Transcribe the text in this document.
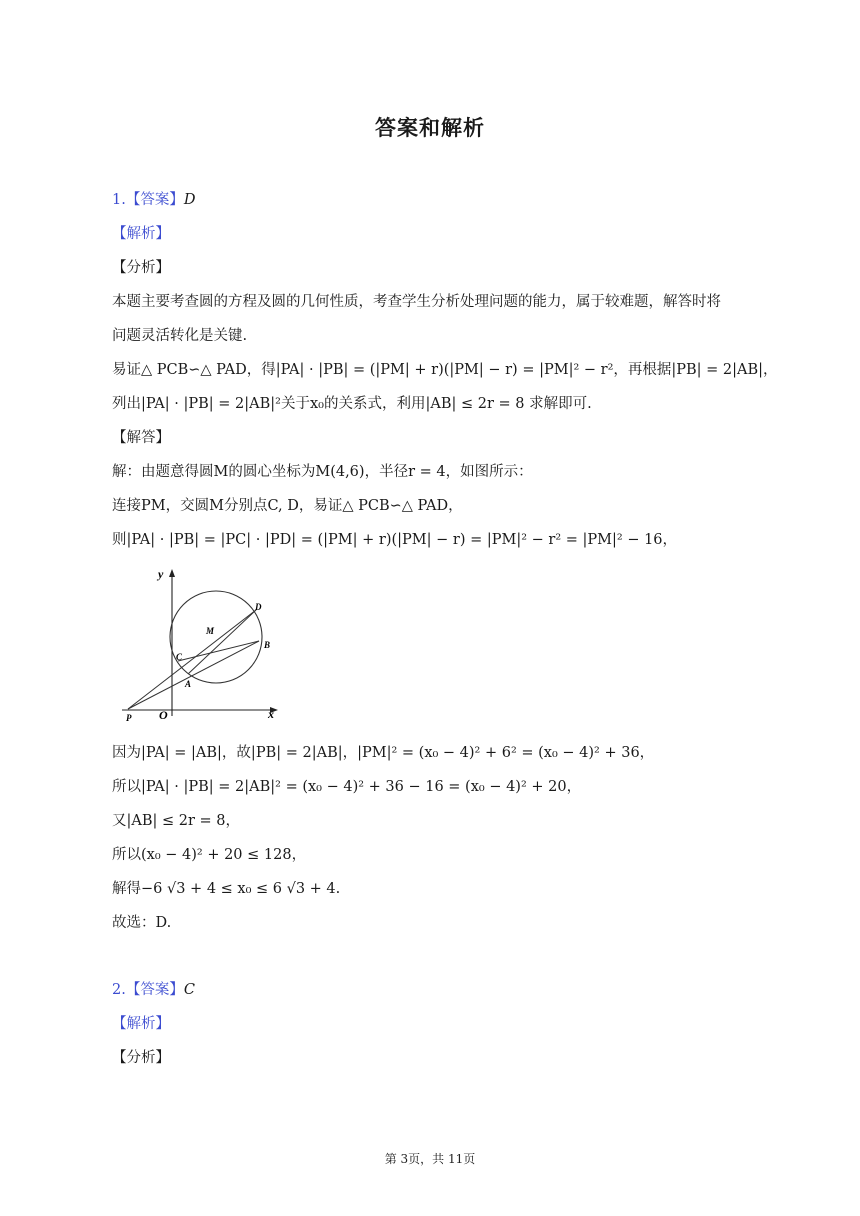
答案和解析
1.【答案】D
【解析】
【分析】
本题主要考查圆的方程及圆的几何性质，考查学生分析处理问题的能力，属于较难题，解答时将
问题灵活转化是关键.
易证△ PCB∽△ PAD，得|PA| · |PB| = (|PM| + r)(|PM| − r) = |PM|² − r²，再根据|PB| = 2|AB|，
列出|PA| · |PB| = 2|AB|²关于x₀的关系式，利用|AB| ≤ 2r = 8 求解即可.
【解答】
解：由题意得圆M的圆心坐标为M(4,6)，半径r = 4，如图所示：
连接PM，交圆M分别点C, D，易证△ PCB∽△ PAD，
则|PA| · |PB| = |PC| · |PD| = (|PM| + r)(|PM| − r) = |PM|² − r² = |PM|² − 16，
y
x
O
P
M
C
A
B
D
因为|PA| = |AB|，故|PB| = 2|AB|，|PM|² = (x₀ − 4)² + 6² = (x₀ − 4)² + 36，
所以|PA| · |PB| = 2|AB|² = (x₀ − 4)² + 36 − 16 = (x₀ − 4)² + 20，
又|AB| ≤ 2r = 8，
所以(x₀ − 4)² + 20 ≤ 128，
解得−6 √3 + 4 ≤ x₀ ≤ 6 √3 + 4.
故选：D.
2.【答案】C
【解析】
【分析】
第 3页，共 11页
